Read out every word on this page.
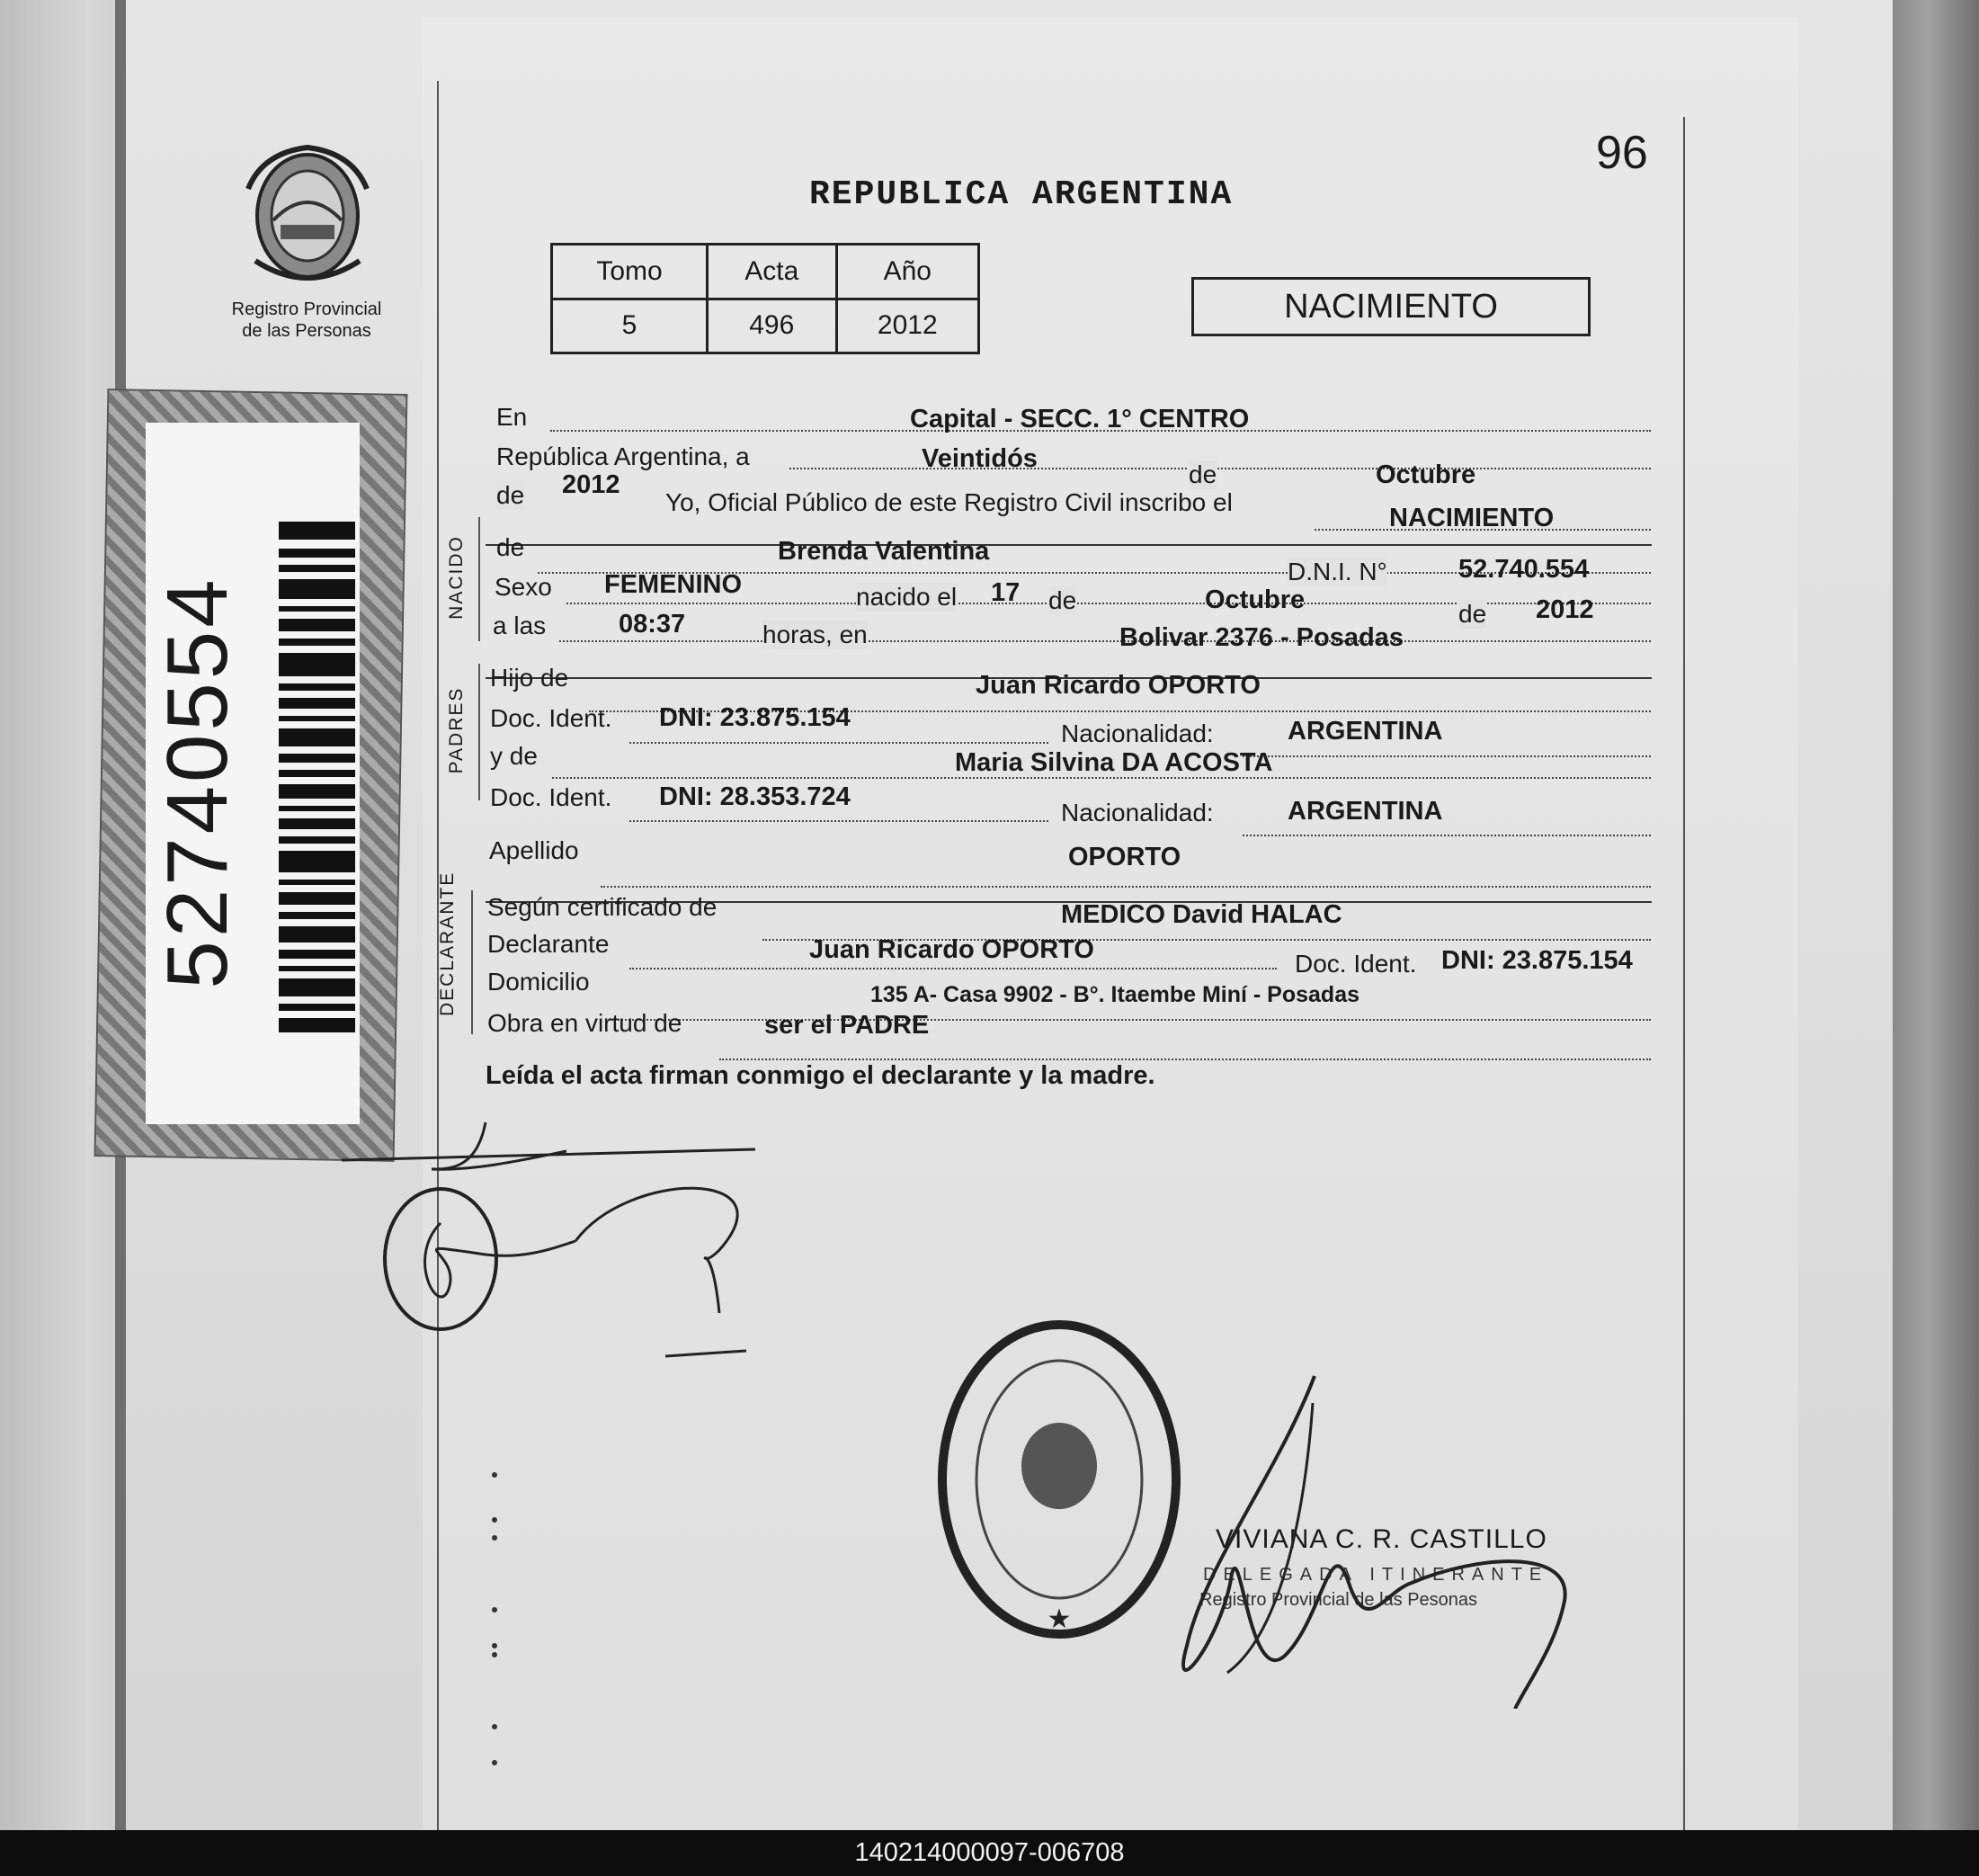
Registro Provincial
de las Personas
96
REPUBLICA ARGENTINA
Tomo	Acta	Año
5	496	2012	NACIMIENTO
52740554	NACIDO
PADRES
DECLARANTE
En	Capital - SECC. 1° CENTRO
República Argentina, a	Veintidós
de	Octubre
de 2012
Yo, Oficial Público de este Registro Civil inscribo el
NACIMIENTO
de	Brenda Valentina
D.N.I. N°	52.740.554
Sexo FEMENINO	nacido el 17 de	Octubre	de 2012
a las	08:37	horas, en	Bolivar 2376 - Posadas
Hijo de	Juan Ricardo OPORTO
Doc. Ident. DNI: 23.875.154
Nacionalidad:	ARGENTINA
y de	Maria Silvina DA ACOSTA
Doc. Ident. DNI: 28.353.724
Nacionalidad:	ARGENTINA
Apellido	OPORTO
Según certificado de	MEDICO David HALAC
Declarante	Juan Ricardo OPORTO	Doc. Ident. DNI: 23.875.154
Domicilio	135 A- Casa 9902 - B°. Itaembe Miní - Posadas
Obra en virtud de	ser el PADRE
Leída el acta firman conmigo el declarante y la madre.
★
VIVIANA C. R. CASTILLO
DELEGADA ITINERANTE
Registro Provincial de las Pesonas
140214000097-006708
